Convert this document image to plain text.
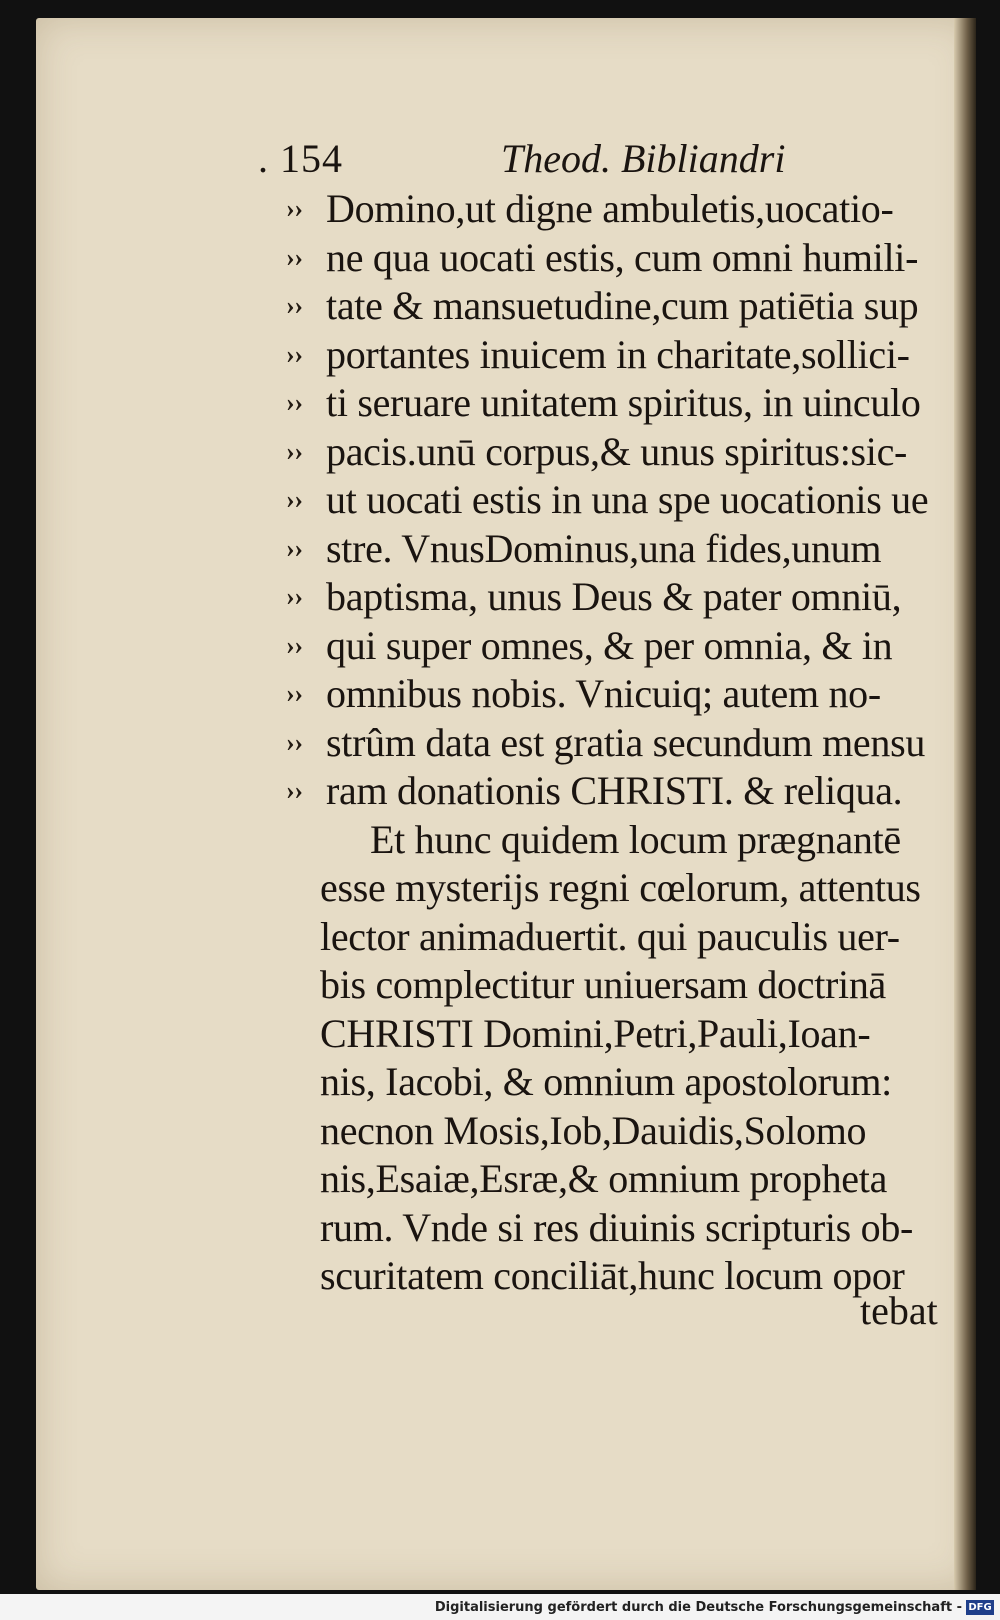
. 154	Theod. Bibliandri
›› Domino,ut digne ambuletis,uocatio-
›› ne qua uocati estis, cum omni humili-
›› tate & mansuetudine,cum patiētia sup
›› portantes inuicem in charitate,sollici-
›› ti seruare unitatem spiritus, in uinculo
›› pacis.unū corpus,& unus spiritus:sic-
›› ut uocati estis in una spe uocationis ue
›› stre. VnusDominus,una fides,unum
›› baptisma, unus Deus & pater omniū,
›› qui super omnes, & per omnia, & in
›› omnibus nobis. Vnicuiq; autem no-
›› strûm data est gratia secundum mensu
›› ram donationis CHRISTI. & reliqua.
Et hunc quidem locum prægnantē
esse mysterijs regni cœlorum, attentus
lector animaduertit. qui pauculis uer-
bis complectitur uniuersam doctrinā
CHRISTI Domini,Petri,Pauli,Ioan-
nis, Iacobi, & omnium apostolorum:
necnon Mosis,Iob,Dauidis,Solomo
nis,Esaiæ,Esræ,& omnium propheta
rum. Vnde si res diuinis scripturis ob-
scuritatem conciliāt,hunc locum opor
tebat
Digitalisierung gefördert durch die Deutsche Forschungsgemeinschaft - DFG
